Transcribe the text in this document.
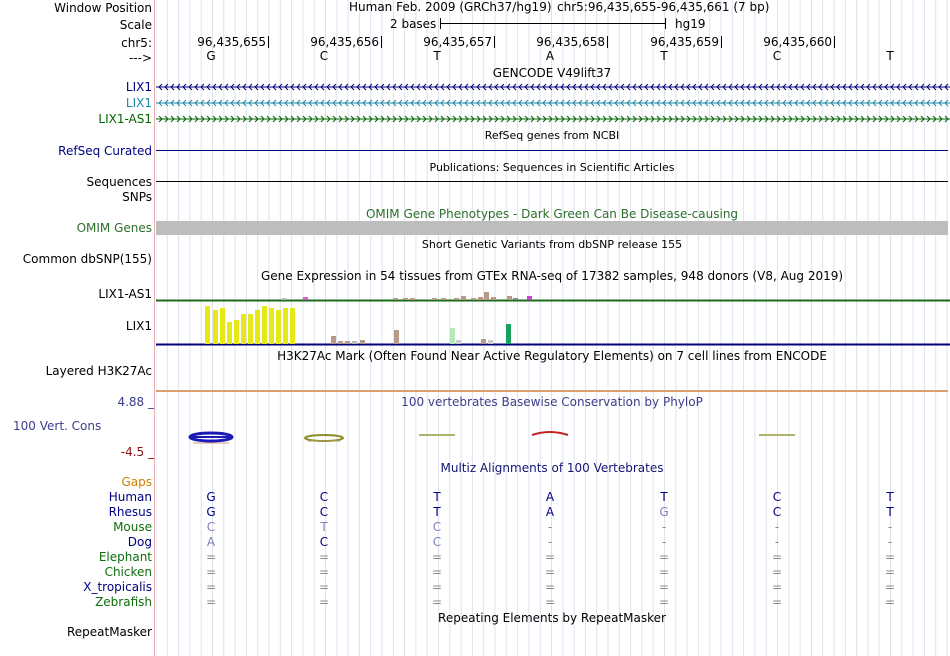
Window Position
Scale
chr5:
--->
Human Feb. 2009 (GRCh37/hg19) chr5:96,435,655-96,435,661 (7 bp)
2 bases	hg19
96,435,655	96,435,656	96,435,657	96,435,658	96,435,659	96,435,660
G	C	T	A	T	C	T
GENCODE V49lift37
LIX1
LIX1
LIX1-AS1
RefSeq genes from NCBI
RefSeq Curated
Publications: Sequences in Scientific Articles
Sequences
SNPs
OMIM Gene Phenotypes - Dark Green Can Be Disease-causing
OMIM Genes
Short Genetic Variants from dbSNP release 155
Common dbSNP(155)
Gene Expression in 54 tissues from GTEx RNA-seq of 17382 samples, 948 donors (V8, Aug 2019)
LIX1-AS1
LIX1
H3K27Ac Mark (Often Found Near Active Regulatory Elements) on 7 cell lines from ENCODE
Layered H3K27Ac
100 vertebrates Basewise Conservation by PhyloP
4.88 _
100 Vert. Cons
-4.5 _
Multiz Alignments of 100 Vertebrates
Gaps
Human	G	C	T	A	T	C	T
Rhesus	G	C	T	A	G	C	T
Mouse	C	T	C	-	-	-	-
Dog	A	C	C	-	-	-	-
Elephant	=	=	=	=	=	=	=
Chicken	=	=	=	=	=	=	=
X_tropicalis	=	=	=	=	=	=	=
Zebrafish	=	=	=	=	=	=	=
Repeating Elements by RepeatMasker
RepeatMasker
